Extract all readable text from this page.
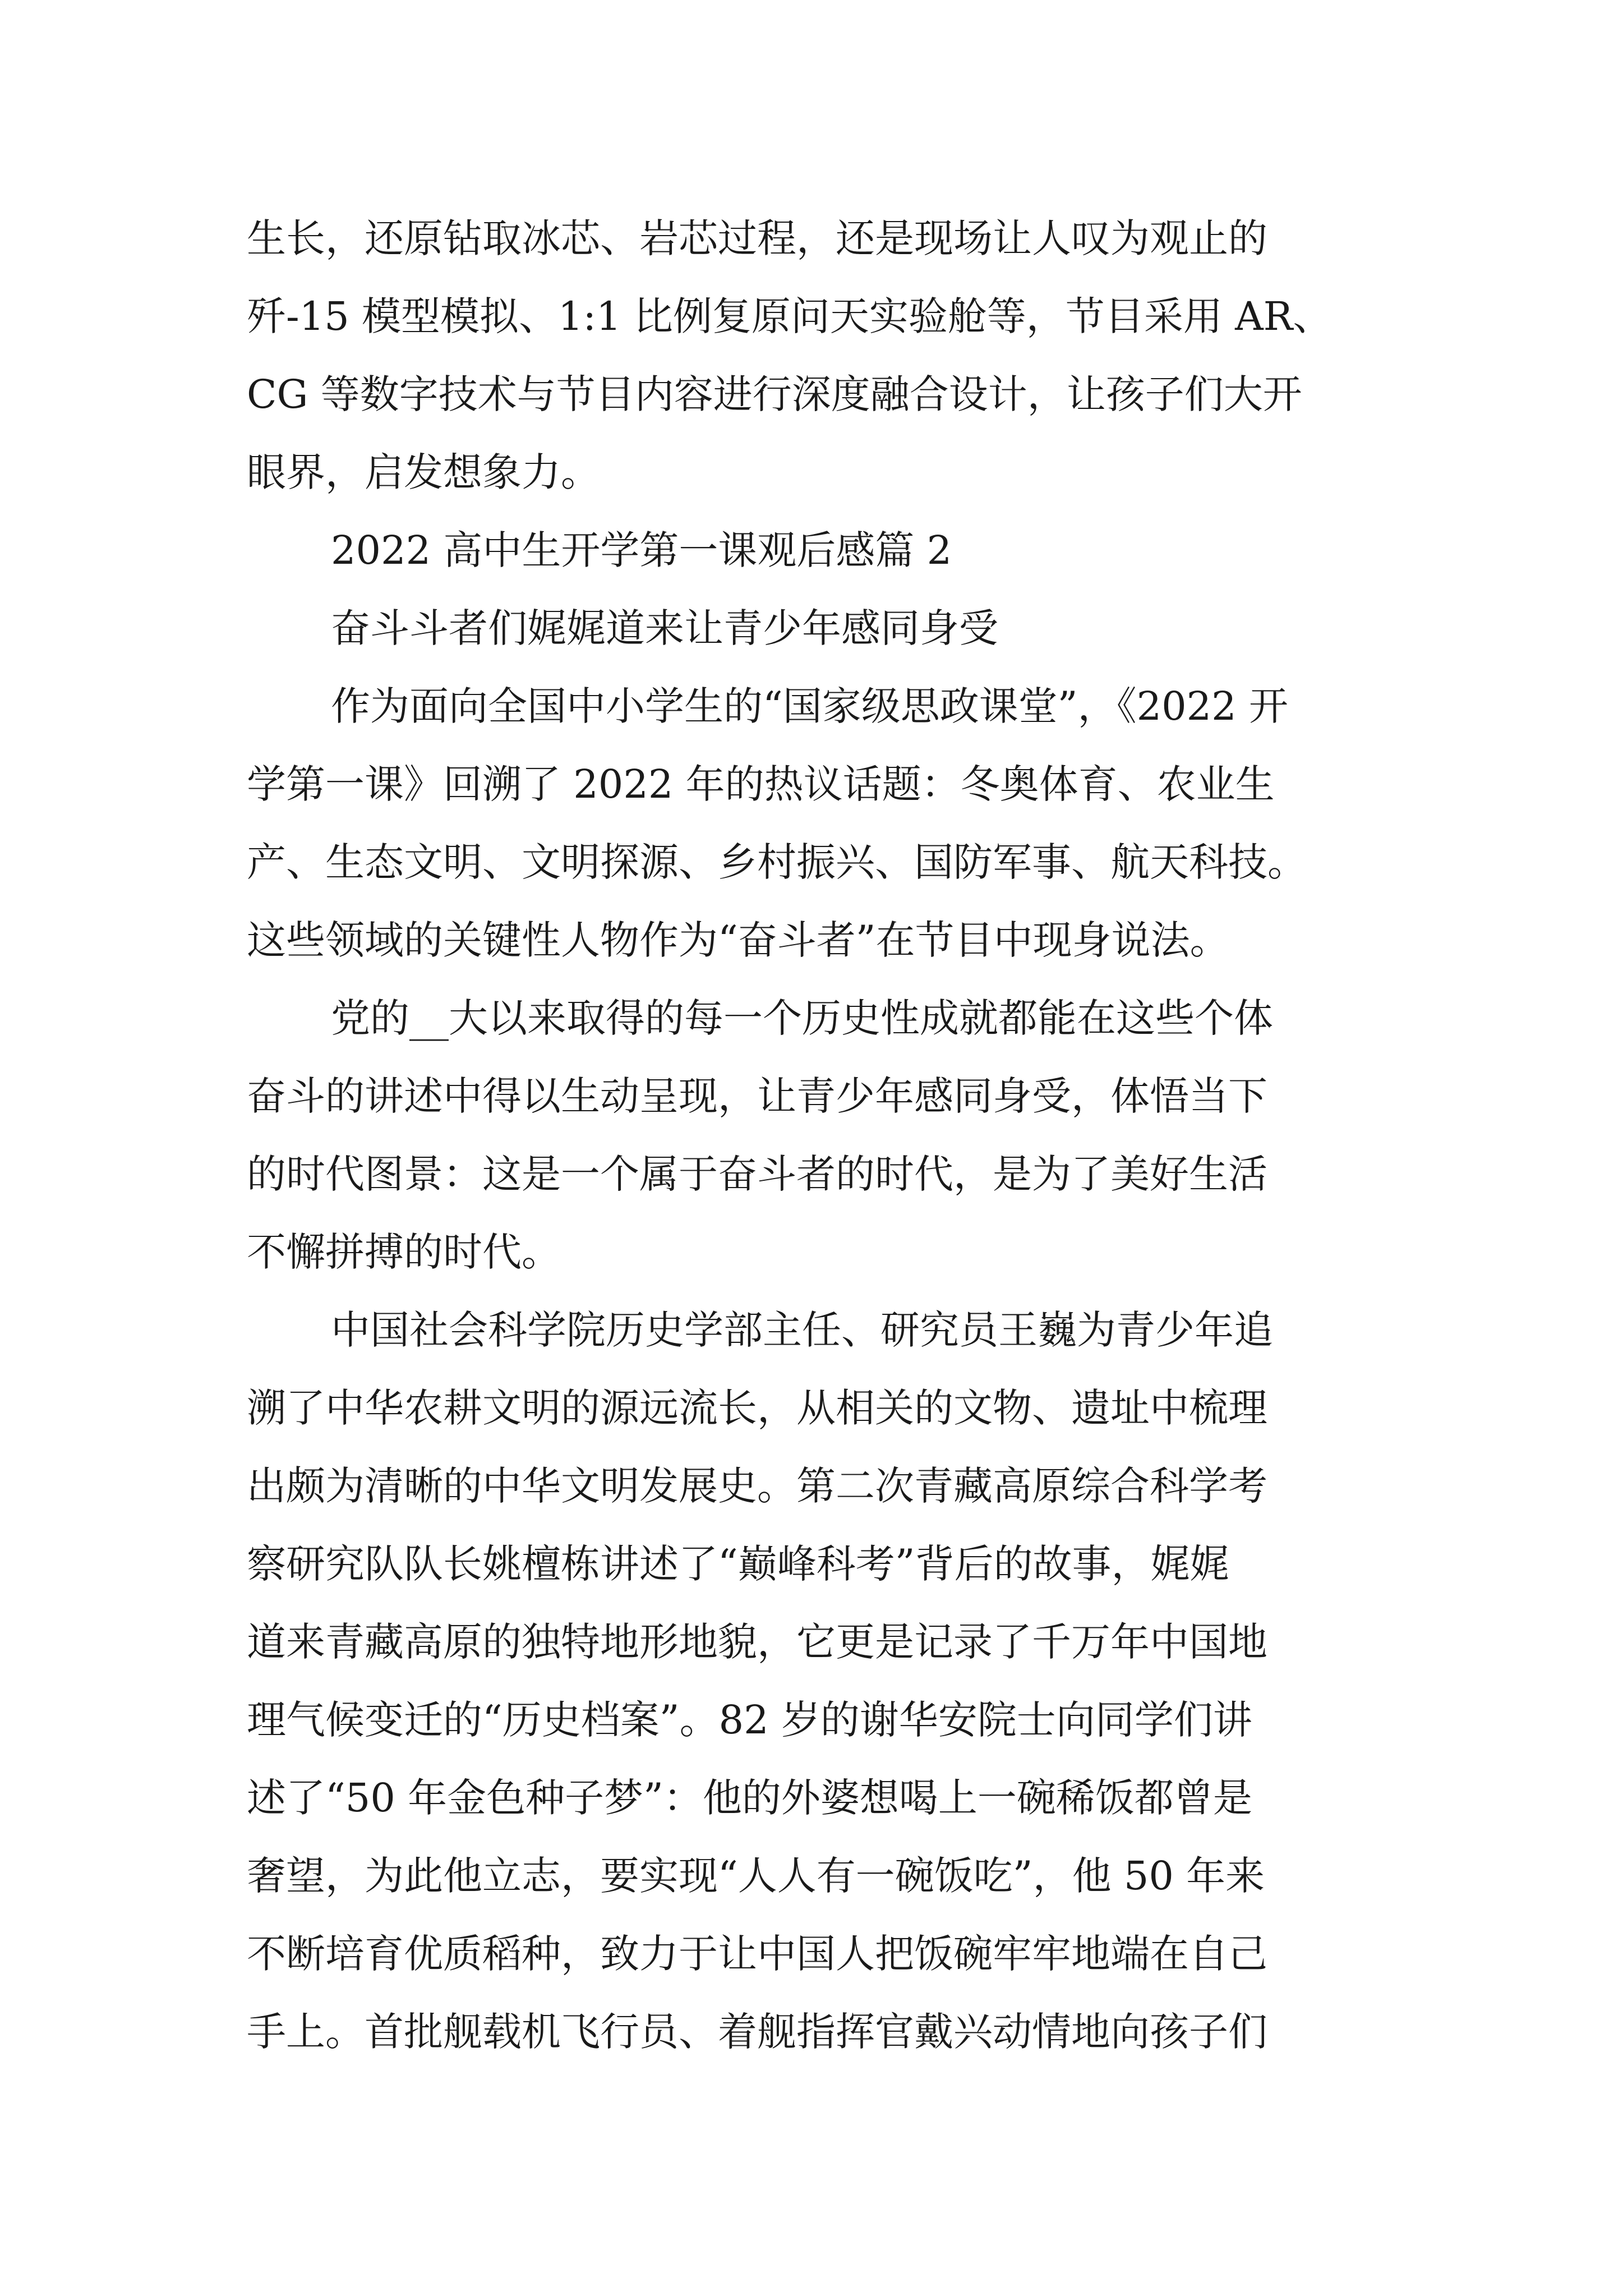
生长，还原钻取冰芯、岩芯过程，还是现场让人叹为观止的
歼-15 模型模拟、1:1 比例复原问天实验舱等，节目采用 AR、
CG 等数字技术与节目内容进行深度融合设计，让孩子们大开
眼界，启发想象力。
2022 高中生开学第一课观后感篇 2
奋斗斗者们娓娓道来让青少年感同身受
作为面向全国中小学生的“国家级思政课堂”，《2022 开
学第一课》回溯了 2022 年的热议话题：冬奥体育、农业生
产、生态文明、文明探源、乡村振兴、国防军事、航天科技。
这些领域的关键性人物作为“奋斗者”在节目中现身说法。
党的__大以来取得的每一个历史性成就都能在这些个体
奋斗的讲述中得以生动呈现，让青少年感同身受，体悟当下
的时代图景：这是一个属于奋斗者的时代，是为了美好生活
不懈拼搏的时代。
中国社会科学院历史学部主任、研究员王巍为青少年追
溯了中华农耕文明的源远流长，从相关的文物、遗址中梳理
出颇为清晰的中华文明发展史。第二次青藏高原综合科学考
察研究队队长姚檀栋讲述了“巅峰科考”背后的故事，娓娓
道来青藏高原的独特地形地貌，它更是记录了千万年中国地
理气候变迁的“历史档案”。82 岁的谢华安院士向同学们讲
述了“50 年金色种子梦”：他的外婆想喝上一碗稀饭都曾是
奢望，为此他立志，要实现“人人有一碗饭吃”，他 50 年来
不断培育优质稻种，致力于让中国人把饭碗牢牢地端在自己
手上。首批舰载机飞行员、着舰指挥官戴兴动情地向孩子们
